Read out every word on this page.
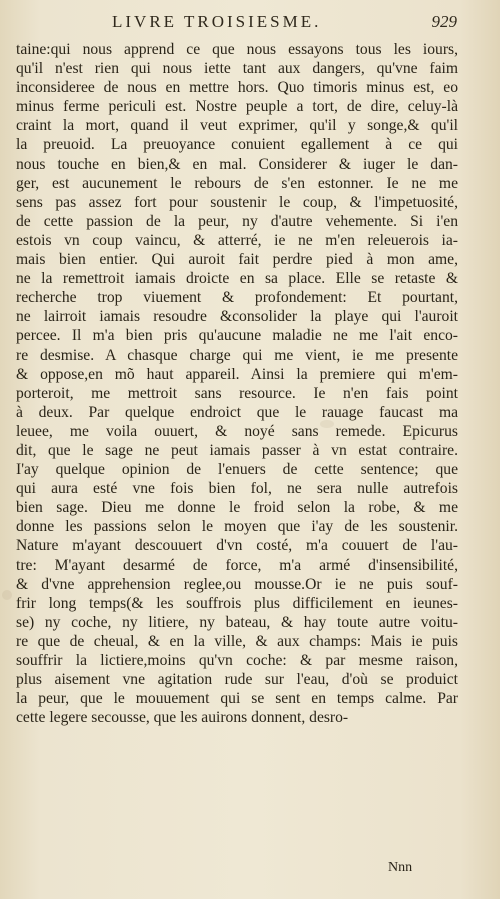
LIVRE TROISIESME.	929
taine:qui nous apprend ce que nous essayons tous les iours,
qu'il n'est rien qui nous iette tant aux dangers, qu'vne faim
inconsideree de nous en mettre hors. Quo timoris minus est, eo
minus ferme periculi est. Nostre peuple a tort, de dire, celuy-là
craint la mort, quand il veut exprimer, qu'il y songe,& qu'il
la preuoid. La preuoyance conuient egallement à ce qui
nous touche en bien,& en mal. Considerer & iuger le dan-
ger, est aucunement le rebours de s'en estonner. Ie ne me
sens pas assez fort pour soustenir le coup, & l'impetuosité,
de cette passion de la peur, ny d'autre vehemente. Si i'en
estois vn coup vaincu, & atterré, ie ne m'en releuerois ia-
mais bien entier. Qui auroit fait perdre pied à mon ame,
ne la remettroit iamais droicte en sa place. Elle se retaste &
recherche trop viuement & profondement: Et pourtant,
ne lairroit iamais resoudre &consolider la playe qui l'auroit
percee. Il m'a bien pris qu'aucune maladie ne me l'ait enco-
re desmise. A chasque charge qui me vient, ie me presente
& oppose,en mõ haut appareil. Ainsi la premiere qui m'em-
porteroit, me mettroit sans resource. Ie n'en fais point
à deux. Par quelque endroict que le rauage faucast ma
leuee, me voila ouuert, & noyé sans remede. Epicurus
dit, que le sage ne peut iamais passer à vn estat contraire.
I'ay quelque opinion de l'enuers de cette sentence; que
qui aura esté vne fois bien fol, ne sera nulle autrefois
bien sage. Dieu me donne le froid selon la robe, & me
donne les passions selon le moyen que i'ay de les soustenir.
Nature m'ayant descouuert d'vn costé, m'a couuert de l'au-
tre: M'ayant desarmé de force, m'a armé d'insensibilité,
& d'vne apprehension reglee,ou mousse.Or ie ne puis souf-
frir long temps(& les souffrois plus difficilement en ieunes-
se) ny coche, ny litiere, ny bateau, & hay toute autre voitu-
re que de cheual, & en la ville, & aux champs: Mais ie puis
souffrir la lictiere,moins qu'vn coche: & par mesme raison,
plus aisement vne agitation rude sur l'eau, d'où se produict
la peur, que le mouuement qui se sent en temps calme. Par
cette legere secousse, que les auirons donnent, desro-
Nnn
